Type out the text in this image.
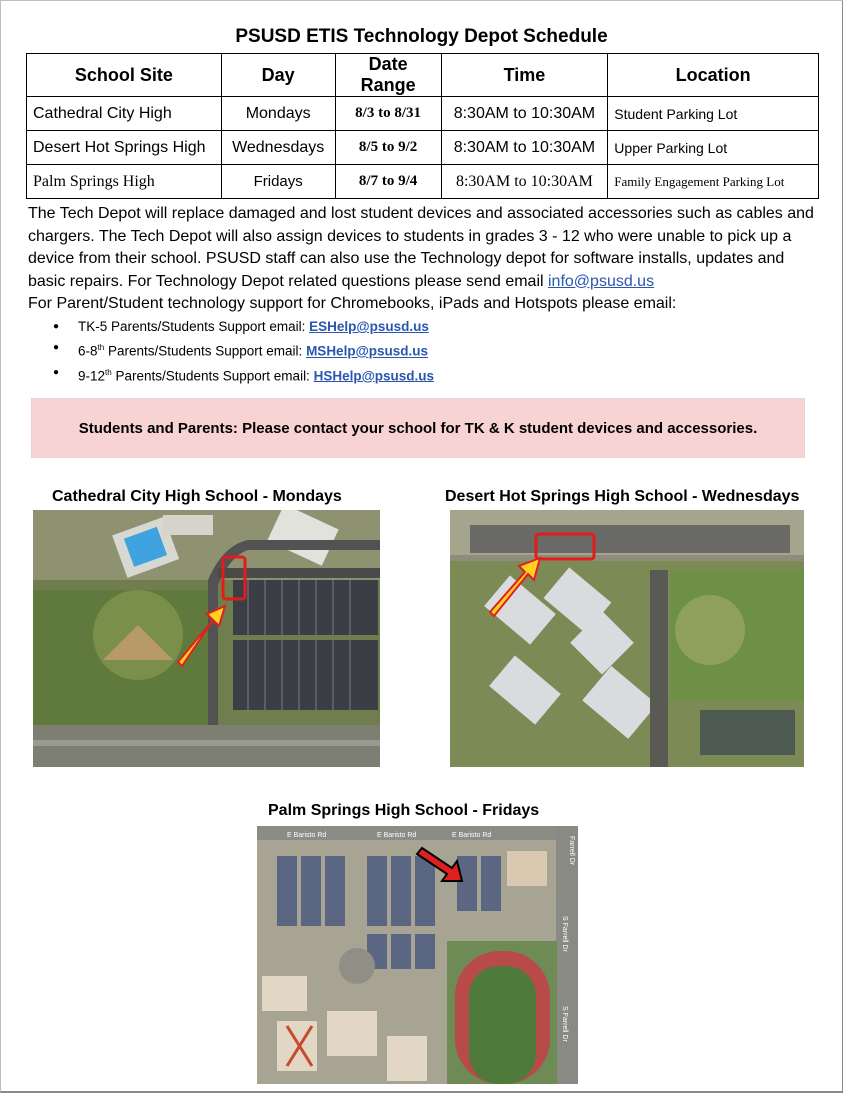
PSUSD ETIS Technology Depot Schedule
School Site	Day	Date Range	Time	Location
Cathedral City High	Mondays	8/3 to 8/31	8:30AM to 10:30AM	Student Parking Lot
Desert Hot Springs High	Wednesdays	8/5 to 9/2	8:30AM to 10:30AM	Upper Parking Lot
Palm Springs High	Fridays	8/7 to 9/4	8:30AM to 10:30AM	Family Engagement Parking Lot
The Tech Depot will replace damaged and lost student devices and associated accessories such as cables and chargers. The Tech Depot will also assign devices to students in grades 3 - 12 who were unable to pick up a device from their school. PSUSD staff can also use the Technology depot for software installs, updates and basic repairs. For Technology Depot related questions please send email info@psusd.us
For Parent/Student technology support for Chromebooks, iPads and Hotspots please email:
● TK-5 Parents/Students Support email: ESHelp@psusd.us
● 6-8th Parents/Students Support email: MSHelp@psusd.us
● 9-12th Parents/Students Support email: HSHelp@psusd.us
Students and Parents: Please contact your school for TK & K student devices and accessories.
Cathedral City High School - Mondays	Desert Hot Springs High School - Wednesdays
Palm Springs High School - Fridays
E Baristo Rd	E Baristo Rd	E Baristo Rd
Farrell Dr
S Farrell Dr
S Farrell Dr
